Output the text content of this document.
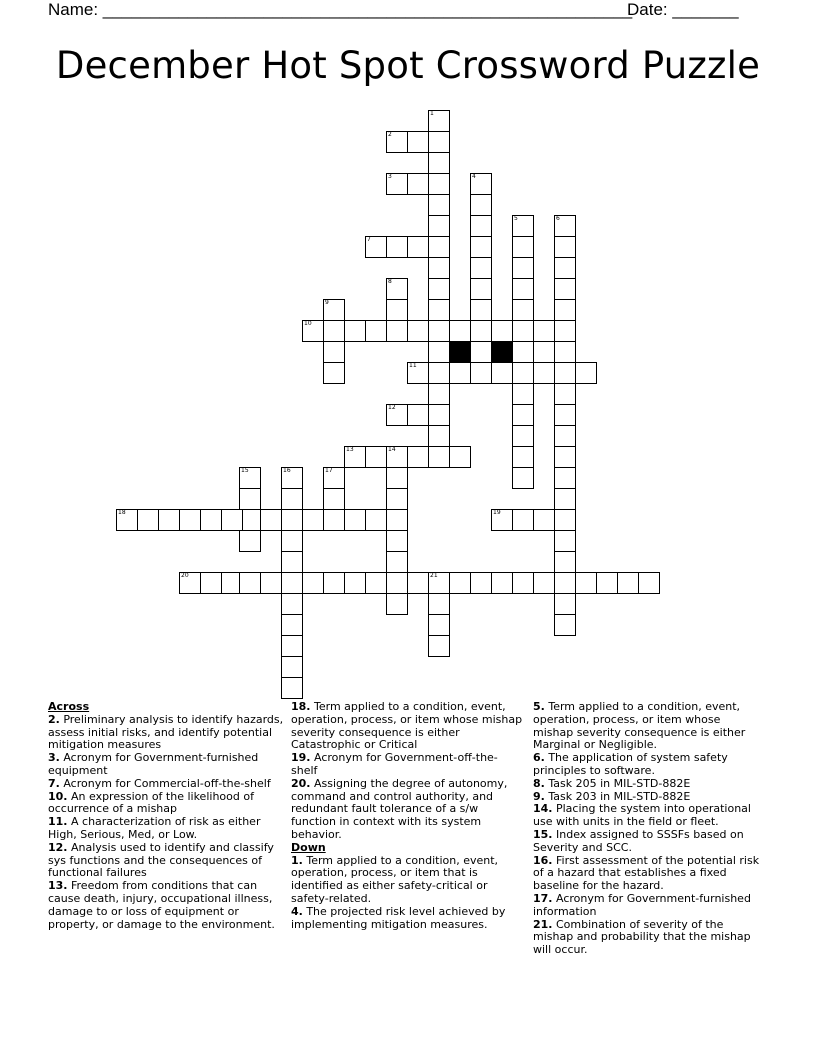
Name: ________________________________________________________
Date: _______
December Hot Spot Crossword Puzzle
1
2
3	4
5	6
7
8
9
10
11
12
13	14
15	16	17
18	19
20	21
Across
2. Preliminary analysis to identify hazards, assess initial risks, and identify potential mitigation measures
3. Acronym for Government-furnished equipment
7. Acronym for Commercial-off-the-shelf
10. An expression of the likelihood of occurrence of a mishap
11. A characterization of risk as either High, Serious, Med, or Low.
12. Analysis used to identify and classify sys functions and the consequences of functional failures
13. Freedom from conditions that can cause death, injury, occupational illness, damage to or loss of equipment or property, or damage to the environment.
18. Term applied to a condition, event, operation, process, or item whose mishap severity consequence is either Catastrophic or Critical
19. Acronym for Government-off-the-shelf
20. Assigning the degree of autonomy, command and control authority, and redundant fault tolerance of a s/w function in context with its system behavior.
Down
1. Term applied to a condition, event, operation, process, or item that is identified as either safety-critical or safety-related.
4. The projected risk level achieved by implementing mitigation measures.
5. Term applied to a condition, event, operation, process, or item whose mishap severity consequence is either Marginal or Negligible.
6. The application of system safety principles to software.
8. Task 205 in MIL-STD-882E
9. Task 203 in MIL-STD-882E
14. Placing the system into operational use with units in the field or fleet.
15. Index assigned to SSSFs based on Severity and SCC.
16. First assessment of the potential risk of a hazard that establishes a fixed baseline for the hazard.
17. Acronym for Government-furnished information
21. Combination of severity of the mishap and probability that the mishap will occur.
